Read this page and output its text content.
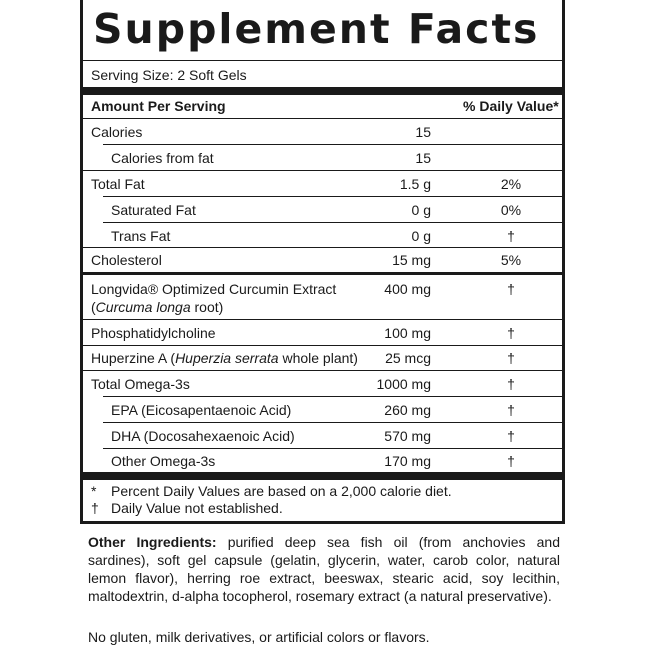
Supplement Facts
Serving Size: 2 Soft Gels
Amount Per Serving	% Daily Value*
Calories	15
Calories from fat	15
Total Fat	1.5 g	2%
Saturated Fat	0 g	0%
Trans Fat	0 g	†
Cholesterol	15 mg	5%
Longvida® Optimized Curcumin Extract
(Curcuma longa root)
400 mg	†
Phosphatidylcholine	100 mg	†
Huperzine A (Huperzia serrata whole plant) 25 mcg	†
Total Omega-3s	1000 mg	†
EPA (Eicosapentaenoic Acid)	260 mg	†
DHA (Docosahexaenoic Acid)	570 mg	†
Other Omega-3s	170 mg	†
* Percent Daily Values are based on a 2,000 calorie diet.
† Daily Value not established.
Other Ingredients: purified deep sea fish oil (from anchovies and sardines), soft gel capsule (gelatin, glycerin, water, carob color, natural lemon flavor), herring roe extract, beeswax, stearic acid, soy lecithin, maltodextrin, d-alpha tocopherol, rosemary extract (a natural preservative).
No gluten, milk derivatives, or artificial colors or flavors.
